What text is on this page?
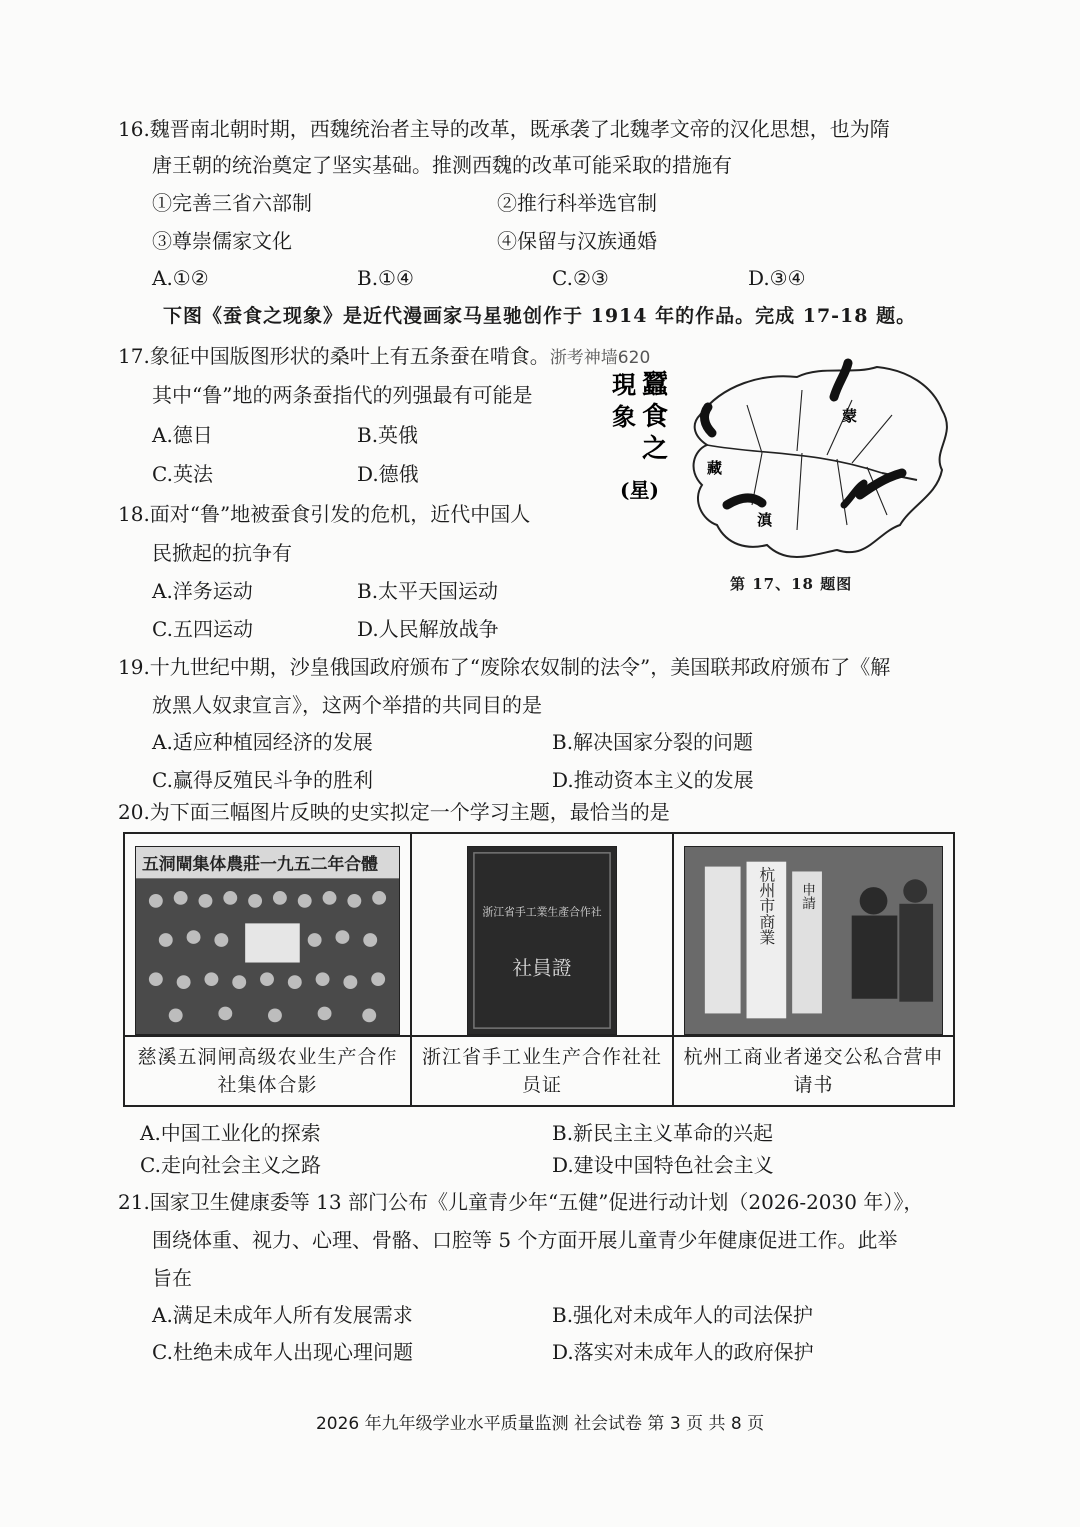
16.魏晋南北朝时期，西魏统治者主导的改革，既承袭了北魏孝文帝的汉化思想，也为隋
唐王朝的统治奠定了坚实基础。推测西魏的改革可能采取的措施有
①完善三省六部制	②推行科举选官制
③尊崇儒家文化	④保留与汉族通婚
A.①②	B.①④	C.②③	D.③④
下图《蚕食之现象》是近代漫画家马星驰创作于 1914 年的作品。完成 17-18 题。
17.象征中国版图形状的桑叶上有五条蚕在啃食。浙考神墙620
其中“鲁”地的两条蚕指代的列强最有可能是
A.德日	B.英俄
C.英法	D.德俄
蠶
食
之
現
象
(星)
蒙
藏
滇
第 17、18 题图
18.面对“鲁”地被蚕食引发的危机，近代中国人
民掀起的抗争有
A.洋务运动	B.太平天国运动
C.五四运动	D.人民解放战争
19.十九世纪中期，沙皇俄国政府颁布了“废除农奴制的法令”，美国联邦政府颁布了《解
放黑人奴隶宣言》，这两个举措的共同目的是
A.适应种植园经济的发展	B.解决国家分裂的问题
C.赢得反殖民斗争的胜利	D.推动资本主义的发展
20.为下面三幅图片反映的史实拟定一个学习主题，最恰当的是
五洞閘集体農莊一九五二年合體
慈溪五洞闸高级农业生产合作社集体合影
浙江省手工業生產合作社
社員證
浙江省手工业生产合作社社员证
杭州市商業 申請
杭州工商业者递交公私合营申请书
A.中国工业化的探索	B.新民主主义革命的兴起
C.走向社会主义之路	D.建设中国特色社会主义
21.国家卫生健康委等 13 部门公布《儿童青少年“五健”促进行动计划（2026-2030 年）》，
围绕体重、视力、心理、骨骼、口腔等 5 个方面开展儿童青少年健康促进工作。此举
旨在
A.满足未成年人所有发展需求	B.强化对未成年人的司法保护
C.杜绝未成年人出现心理问题	D.落实对未成年人的政府保护
2026 年九年级学业水平质量监测 社会试卷 第 3 页 共 8 页
